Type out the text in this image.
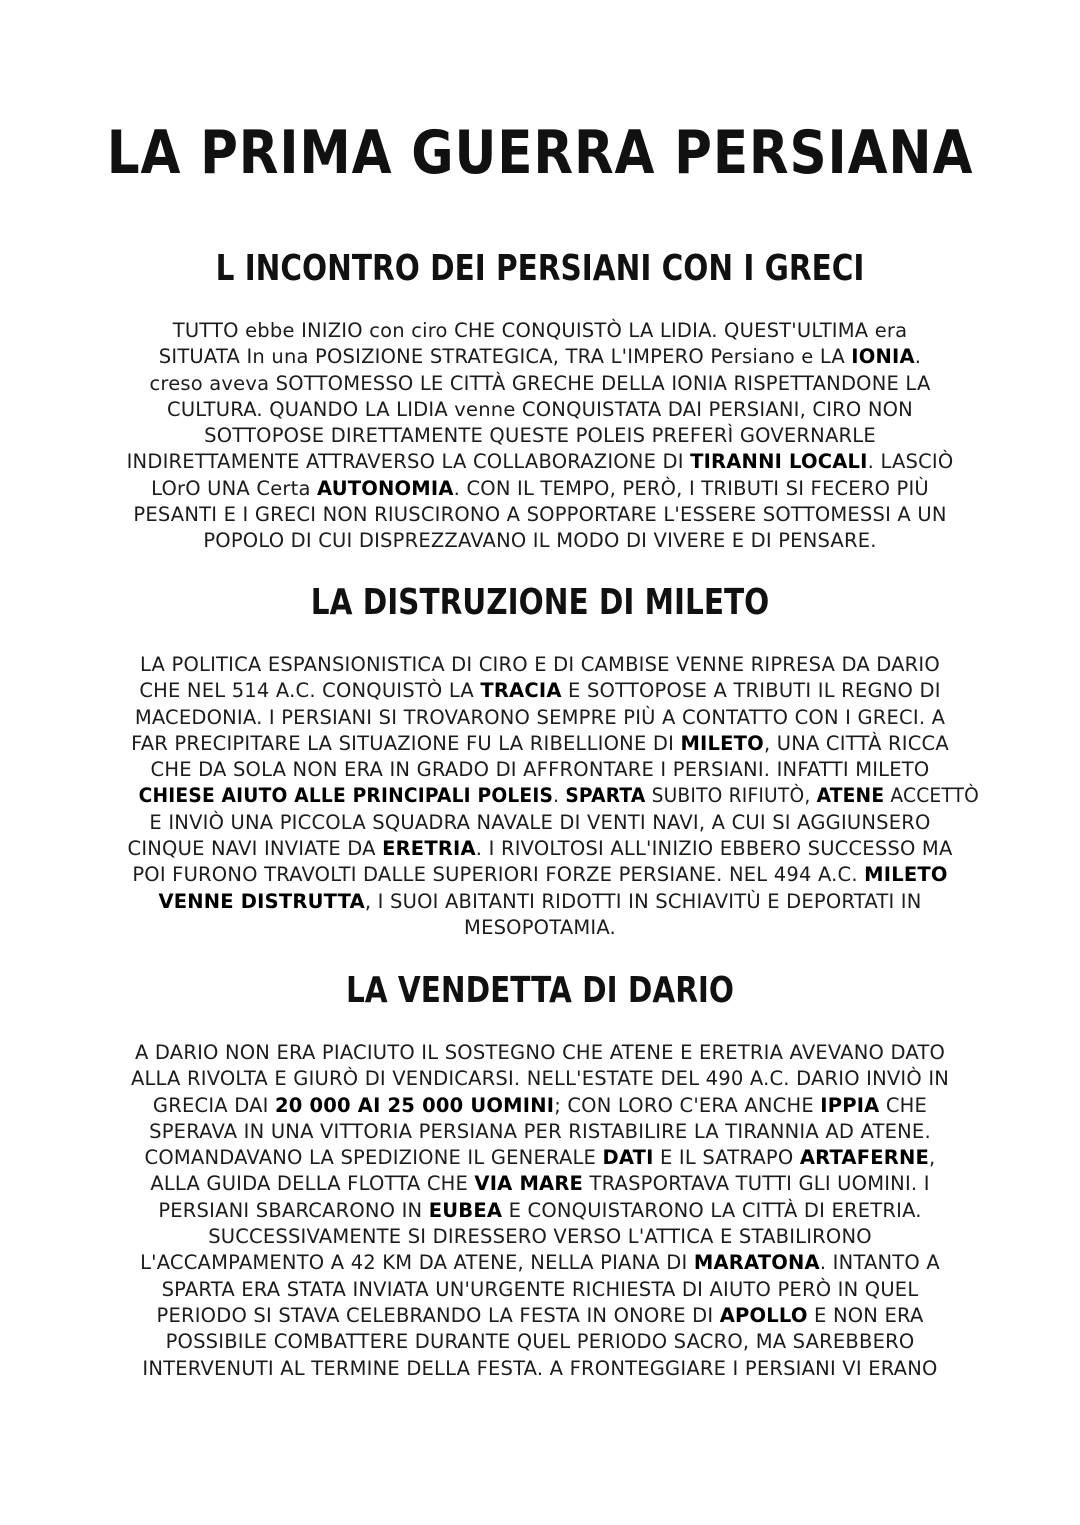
LA PRIMA GUERRA PERSIANA
L INCONTRO DEI PERSIANI CON I GRECI

TUTTO ebbe INIZIO con ciro CHE CONQUISTÒ LA LIDIA. QUEST'ULTIMA era
SITUATA In una POSIZIONE STRATEGICA, TRA L'IMPERO Persiano e LA IONIA.
creso aveva SOTTOMESSO LE CITTÀ GRECHE DELLA IONIA RISPETTANDONE LA
CULTURA. QUANDO LA LIDIA venne CONQUISTATA DAI PERSIANI, CIRO NON
SOTTOPOSE DIRETTAMENTE QUESTE POLEIS PREFERÌ GOVERNARLE
INDIRETTAMENTE ATTRAVERSO LA COLLABORAZIONE DI TIRANNI LOCALI. LASCIÒ
LOrO UNA Certa AUTONOMIA. CON IL TEMPO, PERÒ, I TRIBUTI SI FECERO PIÙ
PESANTI E I GRECI NON RIUSCIRONO A SOPPORTARE L'ESSERE SOTTOMESSI A UN
POPOLO DI CUI DISPREZZAVANO IL MODO DI VIVERE E DI PENSARE.

LA DISTRUZIONE DI MILETO

LA POLITICA ESPANSIONISTICA DI CIRO E DI CAMBISE VENNE RIPRESA DA DARIO
CHE NEL 514 A.C. CONQUISTÒ LA TRACIA E SOTTOPOSE A TRIBUTI IL REGNO DI
MACEDONIA. I PERSIANI SI TROVARONO SEMPRE PIÙ A CONTATTO CON I GRECI. A
FAR PRECIPITARE LA SITUAZIONE FU LA RIBELLIONE DI MILETO, UNA CITTÀ RICCA
CHE DA SOLA NON ERA IN GRADO DI AFFRONTARE I PERSIANI. INFATTI MILETO
CHIESE AIUTO ALLE PRINCIPALI POLEIS. SPARTA SUBITO RIFIUTÒ, ATENE ACCETTÒ
E INVIÒ UNA PICCOLA SQUADRA NAVALE DI VENTI NAVI, A CUI SI AGGIUNSERO
CINQUE NAVI INVIATE DA ERETRIA. I RIVOLTOSI ALL'INIZIO EBBERO SUCCESSO MA
POI FURONO TRAVOLTI DALLE SUPERIORI FORZE PERSIANE. NEL 494 A.C. MILETO
VENNE DISTRUTTA, I SUOI ABITANTI RIDOTTI IN SCHIAVITÙ E DEPORTATI IN
MESOPOTAMIA.

LA VENDETTA DI DARIO

A DARIO NON ERA PIACIUTO IL SOSTEGNO CHE ATENE E ERETRIA AVEVANO DATO
ALLA RIVOLTA E GIURÒ DI VENDICARSI. NELL'ESTATE DEL 490 A.C. DARIO INVIÒ IN
GRECIA DAI 20 000 AI 25 000 UOMINI; CON LORO C'ERA ANCHE IPPIA CHE
SPERAVA IN UNA VITTORIA PERSIANA PER RISTABILIRE LA TIRANNIA AD ATENE.
COMANDAVANO LA SPEDIZIONE IL GENERALE DATI E IL SATRAPO ARTAFERNE,
ALLA GUIDA DELLA FLOTTA CHE VIA MARE TRASPORTAVA TUTTI GLI UOMINI. I
PERSIANI SBARCARONO IN EUBEA E CONQUISTARONO LA CITTÀ DI ERETRIA.
SUCCESSIVAMENTE SI DIRESSERO VERSO L'ATTICA E STABILIRONO
L'ACCAMPAMENTO A 42 KM DA ATENE, NELLA PIANA DI MARATONA. INTANTO A
SPARTA ERA STATA INVIATA UN'URGENTE RICHIESTA DI AIUTO PERÒ IN QUEL
PERIODO SI STAVA CELEBRANDO LA FESTA IN ONORE DI APOLLO E NON ERA
POSSIBILE COMBATTERE DURANTE QUEL PERIODO SACRO, MA SAREBBERO
INTERVENUTI AL TERMINE DELLA FESTA. A FRONTEGGIARE I PERSIANI VI ERANO
